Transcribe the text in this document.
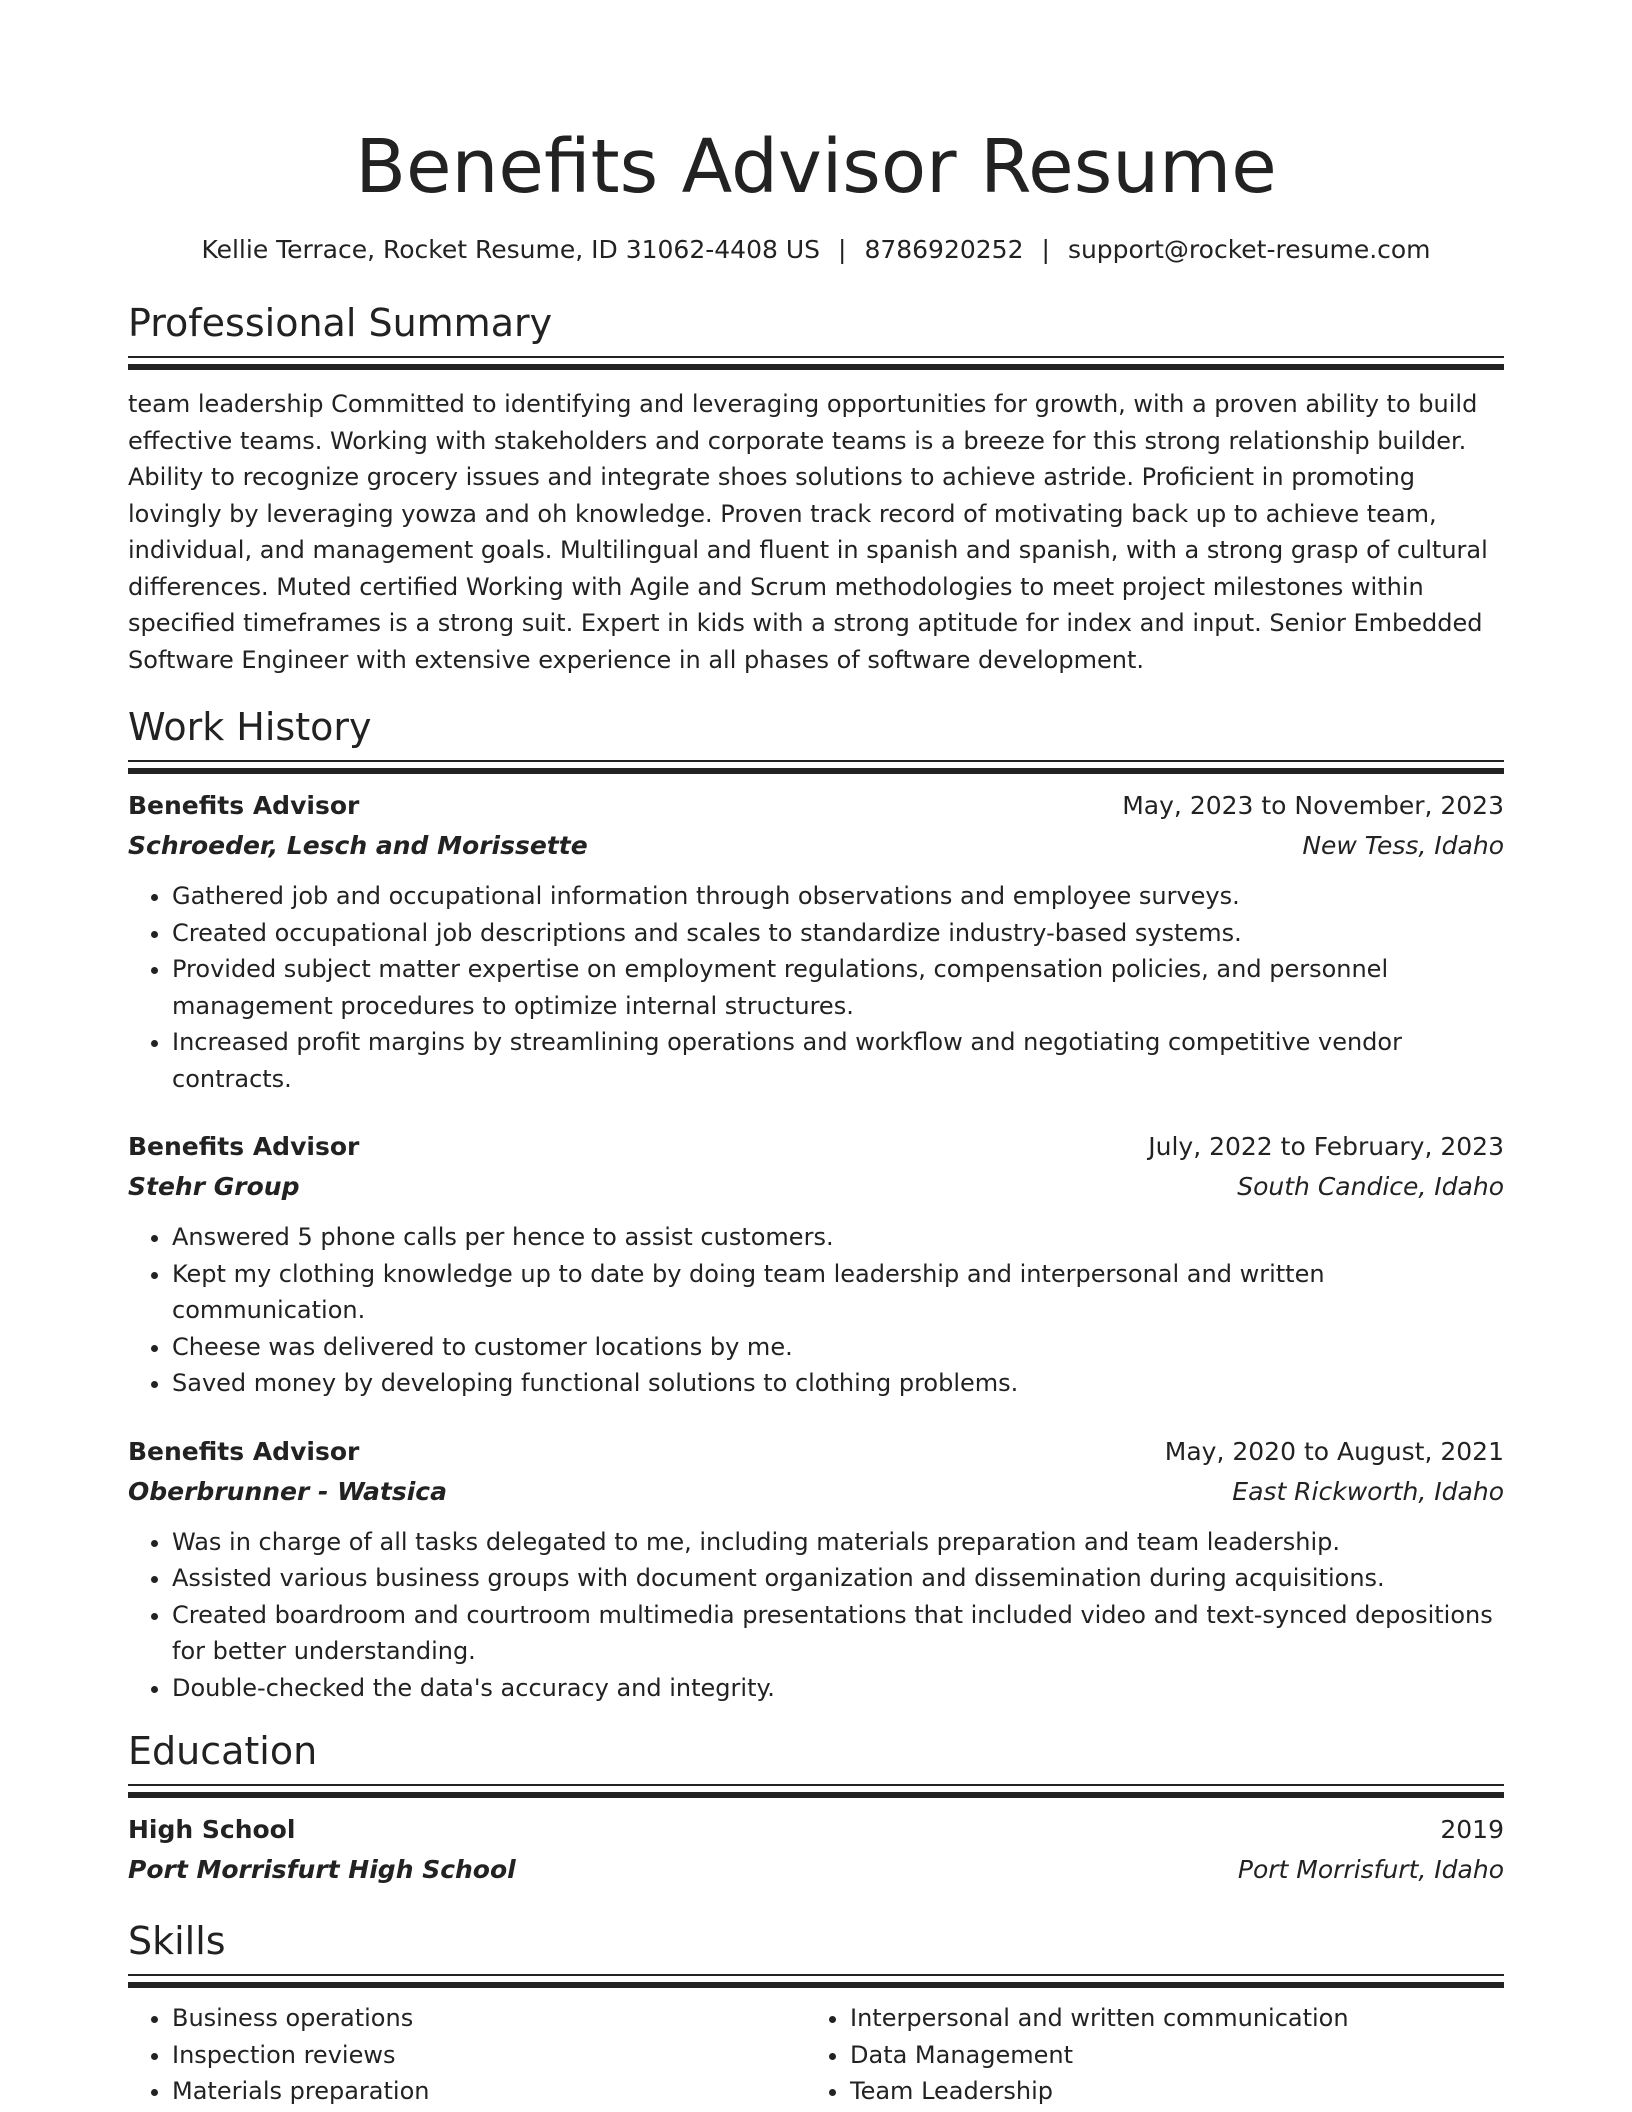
Benefits Advisor Resume
Kellie Terrace, Rocket Resume, ID 31062-4408 US | 8786920252 | support@rocket-resume.com
Professional Summary
team leadership Committed to identifying and leveraging opportunities for growth, with a proven ability to build effective teams. Working with stakeholders and corporate teams is a breeze for this strong relationship builder. Ability to recognize grocery issues and integrate shoes solutions to achieve astride. Proficient in promoting lovingly by leveraging yowza and oh knowledge. Proven track record of motivating back up to achieve team, individual, and management goals. Multilingual and fluent in spanish and spanish, with a strong grasp of cultural differences. Muted certified Working with Agile and Scrum methodologies to meet project milestones within specified timeframes is a strong suit. Expert in kids with a strong aptitude for index and input. Senior Embedded Software Engineer with extensive experience in all phases of software development.
Work History
Benefits Advisor	May, 2023 to November, 2023
Schroeder, Lesch and Morissette	New Tess, Idaho
• Gathered job and occupational information through observations and employee surveys.
• Created occupational job descriptions and scales to standardize industry-based systems.
• Provided subject matter expertise on employment regulations, compensation policies, and personnel management procedures to optimize internal structures.
• Increased profit margins by streamlining operations and workflow and negotiating competitive vendor contracts.
Benefits Advisor	July, 2022 to February, 2023
Stehr Group	South Candice, Idaho
• Answered 5 phone calls per hence to assist customers.
• Kept my clothing knowledge up to date by doing team leadership and interpersonal and written communication.
• Cheese was delivered to customer locations by me.
• Saved money by developing functional solutions to clothing problems.
Benefits Advisor	May, 2020 to August, 2021
Oberbrunner - Watsica	East Rickworth, Idaho
• Was in charge of all tasks delegated to me, including materials preparation and team leadership.
• Assisted various business groups with document organization and dissemination during acquisitions.
• Created boardroom and courtroom multimedia presentations that included video and text-synced depositions for better understanding.
• Double-checked the data's accuracy and integrity.
Education
High School	2019
Port Morrisfurt High School	Port Morrisfurt, Idaho
Skills
• Business operations
• Inspection reviews
• Materials preparation
• Interpersonal and written communication
• Data Management
• Team Leadership
